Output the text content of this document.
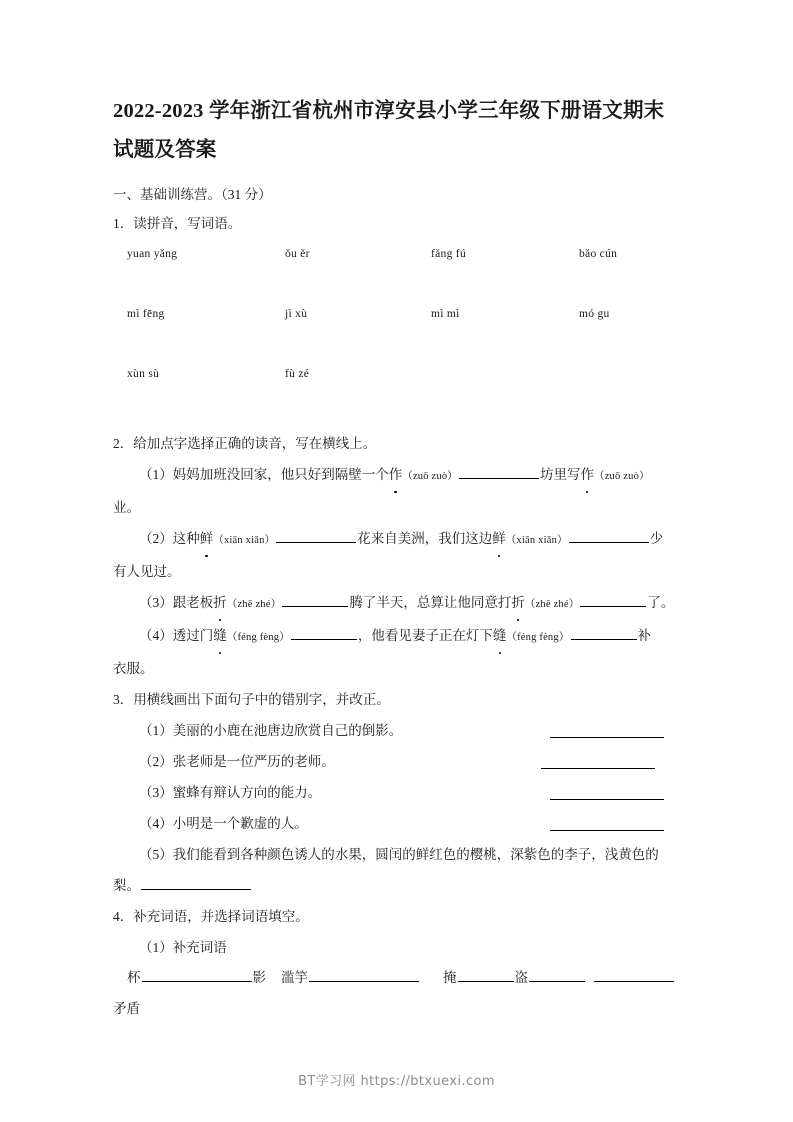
2022-2023 学年浙江省杭州市淳安县小学三年级下册语文期末试题及答案
一、基础训练营。（31 分）
1．读拼音，写词语。
yuan yǎng	ǒu ěr	fǎng fú	bǎo cún
mì fēng	jì xù	mì mì	mó gu
xùn sù	fù zé
2．给加点字选择正确的读音，写在横线上。
（1）妈妈加班没回家，他只好到隔壁一个作（zuō zuò）	坊里写作（zuō zuò）
业。
（2）这种鲜（xiān xiǎn）	花来自美洲，我们这边鲜（xiān xiǎn）	少
有人见过。
（3）跟老板折（zhē zhé）	腾了半天，总算让他同意打折（zhē zhé）	了。
（4）透过门缝（féng fèng）	，他看见妻子正在灯下缝（féng fèng）	补
衣服。
3．用横线画出下面句子中的错别字，并改正。
（1）美丽的小鹿在池唐边欣赏自己的倒影。
（2）张老师是一位严历的老师。
（3）蜜蜂有辩认方向的能力。
（4）小明是一个歉虚的人。
（5）我们能看到各种颜色诱人的水果，圆闰的鲜红色的樱桃，深紫色的李子，浅黄色的
梨。
4．补充词语，并选择词语填空。
（1）补充词语
杯	影 滥竽	掩	盗
矛盾
BT学习网 https://btxuexi.com
